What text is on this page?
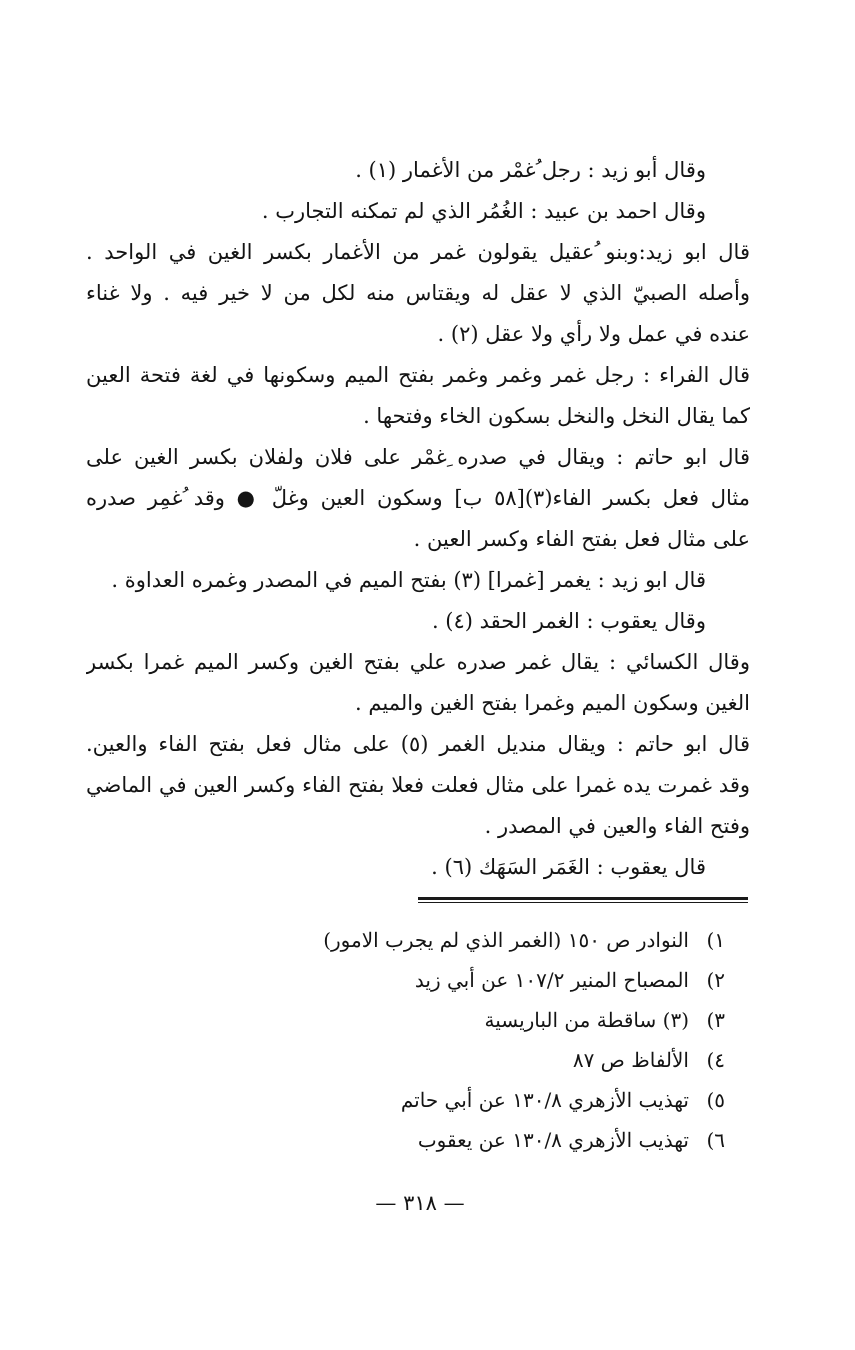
وقال أبو زيد : رجل ُغمْر من الأغمار (١) .
وقال احمد بن عبيد : الغُمُر الذي لم تمكنه التجارب .
قال ابو زيد:وبنو ُعقيل يقولون غمر من الأغمار بكسر الغين في الواحد .
وأصله الصبيّ الذي لا عقل له ويقتاس منه لكل من لا خير فيه . ولا غناء
عنده في عمل ولا رأي ولا عقل (٢) .
قال الفراء : رجل غمر وغمر وغمر بفتح الميم وسكونها في لغة فتحة العين
كما يقال النخل والنخل بسكون الخاء وفتحها .
قال ابو حاتم : ويقال في صدره ِغمْر على فلان ولفلان بكسر الغين على
مثال فعل بكسر الفاء(٣)[٥٨ ب] وسكون العين وغلّ ● وقد ُغمِر صدره
على مثال فعل بفتح الفاء وكسر العين .
قال ابو زيد : يغمر [غمرا] (٣) بفتح الميم في المصدر وغمره العداوة .
وقال يعقوب : الغمر الحقد (٤) .
وقال الكسائي : يقال غمر صدره علي بفتح الغين وكسر الميم غمرا بكسر
الغين وسكون الميم وغمرا بفتح الغين والميم .
قال ابو حاتم : ويقال منديل الغمر (٥) على مثال فعل بفتح الفاء والعين.
وقد غمرت يده غمرا على مثال فعلت فعلا بفتح الفاء وكسر العين في الماضي
وفتح الفاء والعين في المصدر .
قال يعقوب : الغَمَر السَهَك (٦) .
١)
النوادر ص ١٥٠ (الغمر الذي لم يجرب الامور)
٢)
المصباح المنير ١٠٧/٢ عن أبي زيد
٣)
(٣) ساقطة من الباريسية
٤)
الألفاظ ص ٨٧
٥)
تهذيب الأزهري ١٣٠/٨ عن أبي حاتم
٦)
تهذيب الأزهري ١٣٠/٨ عن يعقوب
— ٣١٨ —
